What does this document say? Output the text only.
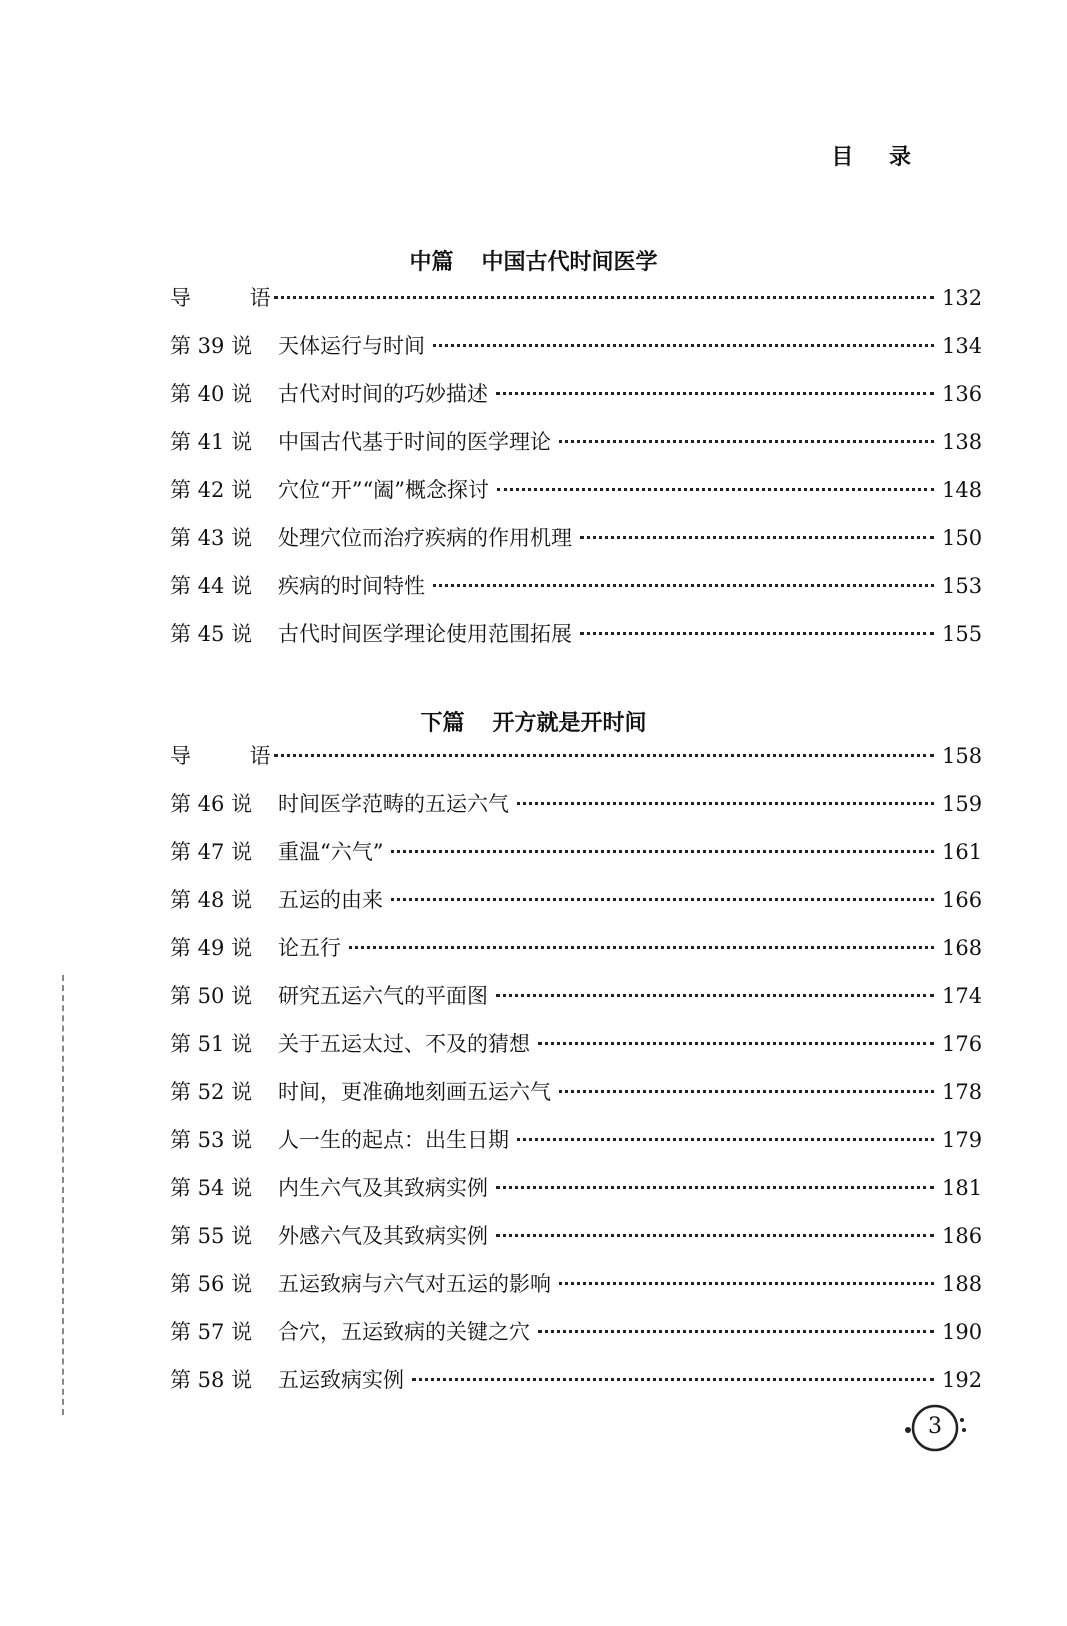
目 录
中篇 中国古代时间医学
导 语	132
第 39 说	天体运行与时间	134
第 40 说	古代对时间的巧妙描述	136
第 41 说	中国古代基于时间的医学理论	138
第 42 说	穴位“开”“阖”概念探讨	148
第 43 说	处理穴位而治疗疾病的作用机理	150
第 44 说	疾病的时间特性	153
第 45 说	古代时间医学理论使用范围拓展	155
下篇 开方就是开时间
导 语	158
第 46 说	时间医学范畴的五运六气	159
第 47 说	重温“六气”	161
第 48 说	五运的由来	166
第 49 说	论五行	168
第 50 说	研究五运六气的平面图	174
第 51 说	关于五运太过、不及的猜想	176
第 52 说	时间，更准确地刻画五运六气	178
第 53 说	人一生的起点：出生日期	179
第 54 说	内生六气及其致病实例	181
第 55 说	外感六气及其致病实例	186
第 56 说	五运致病与六气对五运的影响	188
第 57 说	合穴，五运致病的关键之穴	190
第 58 说	五运致病实例	192
3
